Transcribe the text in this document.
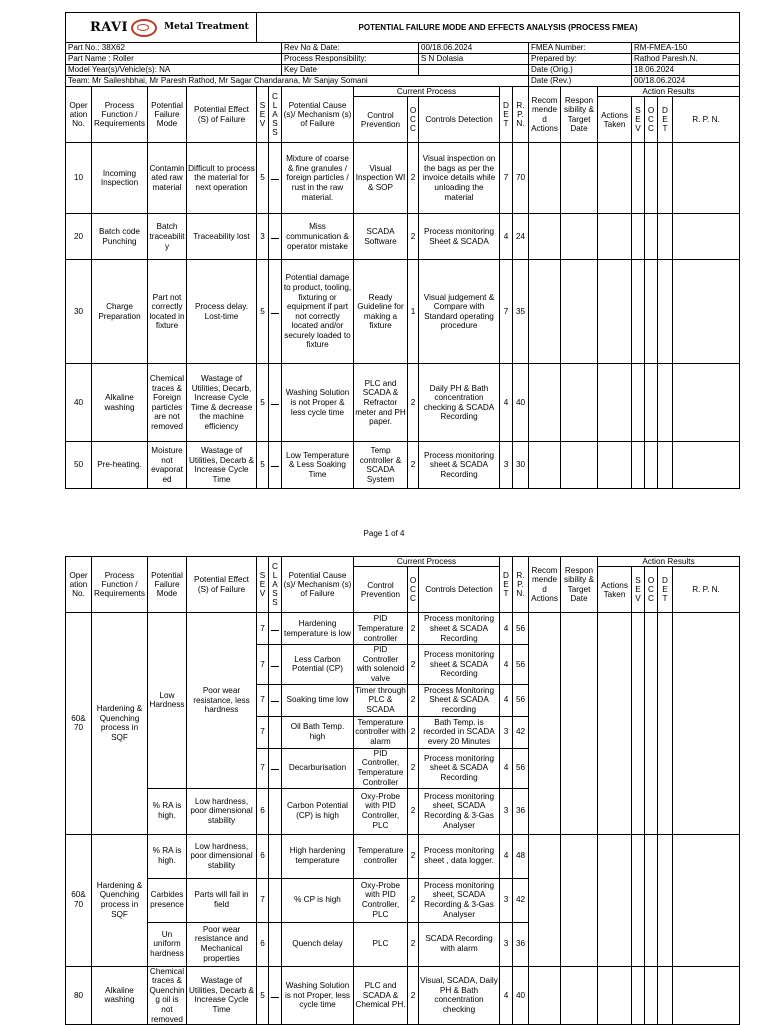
RAVI Metal Treatment				POTENTIAL FAILURE MODE AND EFFECTS ANALYSIS (PROCESS FMEA)														
Part No.: 38X62						Rev No & Date:			00/18.06.2024			FMEA Number:			RM-FMEA-150			
Part Name : Roller						Process Responsibility:			S N Dolasia			Prepared by:			Rathod Paresh.N.			
Model Year(s)/Vehicle(s): NA						Key Date						Date (Orig.)			18.06.2024			
Team: Mr Saileshbhai, Mr Paresh Rathod, Mr Sagar Chandarana, Mr Sanjay Somani												Date (Rev.)			00/18.06.2024			
Oper ation No.	Process Function / Requirements	Potential Failure Mode	Potential Effect (S) of Failure	S E V	C L A S S	Potential Cause (s)/ Mechanism (s) of Failure	Current Process			D E T	R. P. N.	Recom mended Actions	Respon sibility & Target Date	Action Results				
							Control Prevention	O C C	Controls Detection					Actions Taken	S E V	O C C	D E T	R. P. N.
10	Incoming Inspection	Contaminated raw material	Difficult to process the material for next operation	5		Mixture of coarse & fine granules / foreign particles / rust in the raw material.	Visual Inspection WI & SOP	2	Visual inspection on the bags as per the invoice details while unloading the material	7	70							
20	Batch code Punching	Batch traceability	Traceability lost	3		Miss communication & operator mistake	SCADA Software	2	Process monitoring Sheet & SCADA	4	24							
30	Charge Preparation	Part not correctly located in fixture	Process delay. Lost-time	5		Potential damage to product, tooling, fixturing or equipment if part not correctly located and/or securely loaded to fixture	Ready Guideline for making a fixture	1	Visual judgement & Compare with Standard operating procedure	7	35							
40	Alkaline washing	Chemical traces & Foreign particles are not removed	Wastage of Utilities, Decarb, Increase Cycle Time & decrease the machine efficiency	5		Washing Solution is not Proper & less cycle time	PLC and SCADA & Refractor meter and PH paper.	2	Daily PH & Bath concentration checking & SCADA Recording	4	40							
50	Pre-heating.	Moisture not evaporated	Wastage of Utilities, Decarb & Increase Cycle Time	5		Low Temperature & Less Soaking Time	Temp controller & SCADA System	2	Process monitoring sheet & SCADA Recording	3	30							
Page 1 of 4
Oper ation No.	Process Function / Requirements	Potential Failure Mode	Potential Effect (S) of Failure	S E V	C L A S S	Potential Cause (s)/ Mechanism (s) of Failure	Current Process			D E T	R. P. N.	Recom mended Actions	Respon sibility & Target Date	Action Results				
							Control Prevention	O C C	Controls Detection					Actions Taken	S E V	O C C	D E T	R. P. N.
60& 70	Hardening & Quenching process in SQF	Low Hardness	Poor wear resistance, less hardness	7		Hardening temperature is low	PID Temperature controller	2	Process monitoring sheet & SCADA Recording	4	56							
				7		Less Carbon Potential (CP)	PID Controller with solenoid valve	2	Process monitoring sheet & SCADA Recording	4	56							
				7		Soaking time low	Timer through PLC & SCADA	2	Process Monitoring Sheet & SCADA recording	4	56							
				7		Oil Bath Temp. high	Temperature controller with alarm	2	Bath Temp. is recorded in SCADA every 20 Minutes	3	42							
				7		Decarburisation	PID Controller, Temperature Controller	2	Process monitoring sheet & SCADA Recording	4	56							
		% RA is high.	Low hardness, poor dimensional stability	6		Carbon Potential (CP) is high	Oxy-Probe with PID Controller, PLC	2	Process monitoring sheet, SCADA Recording & 3-Gas Analyser	3	36							
60& 70	Hardening & Quenching process in SQF	% RA is high.	Low hardness, poor dimensional stability	6		High hardening temperature	Temperature controller	2	Process monitoring sheet , data logger.	4	48							
		Carbides presence	Parts will fail in field	7		% CP is high	Oxy-Probe with PID Controller, PLC	2	Process monitoring sheet, SCADA Recording & 3-Gas Analyser	3	42							
		Un uniform hardness	Poor wear resistance and Mechanical properties	6		Quench delay	PLC	2	SCADA Recording with alarm	3	36							
80	Alkaline washing	Chemical traces & Quenching oil is not removed	Wastage of Utilities, Decarb & Increase Cycle Time	5		Washing Solution is not Proper, less cycle time	PLC and SCADA & Chemical PH.	2	Visual, SCADA, Daily PH & Bath concentration checking	4	40							
